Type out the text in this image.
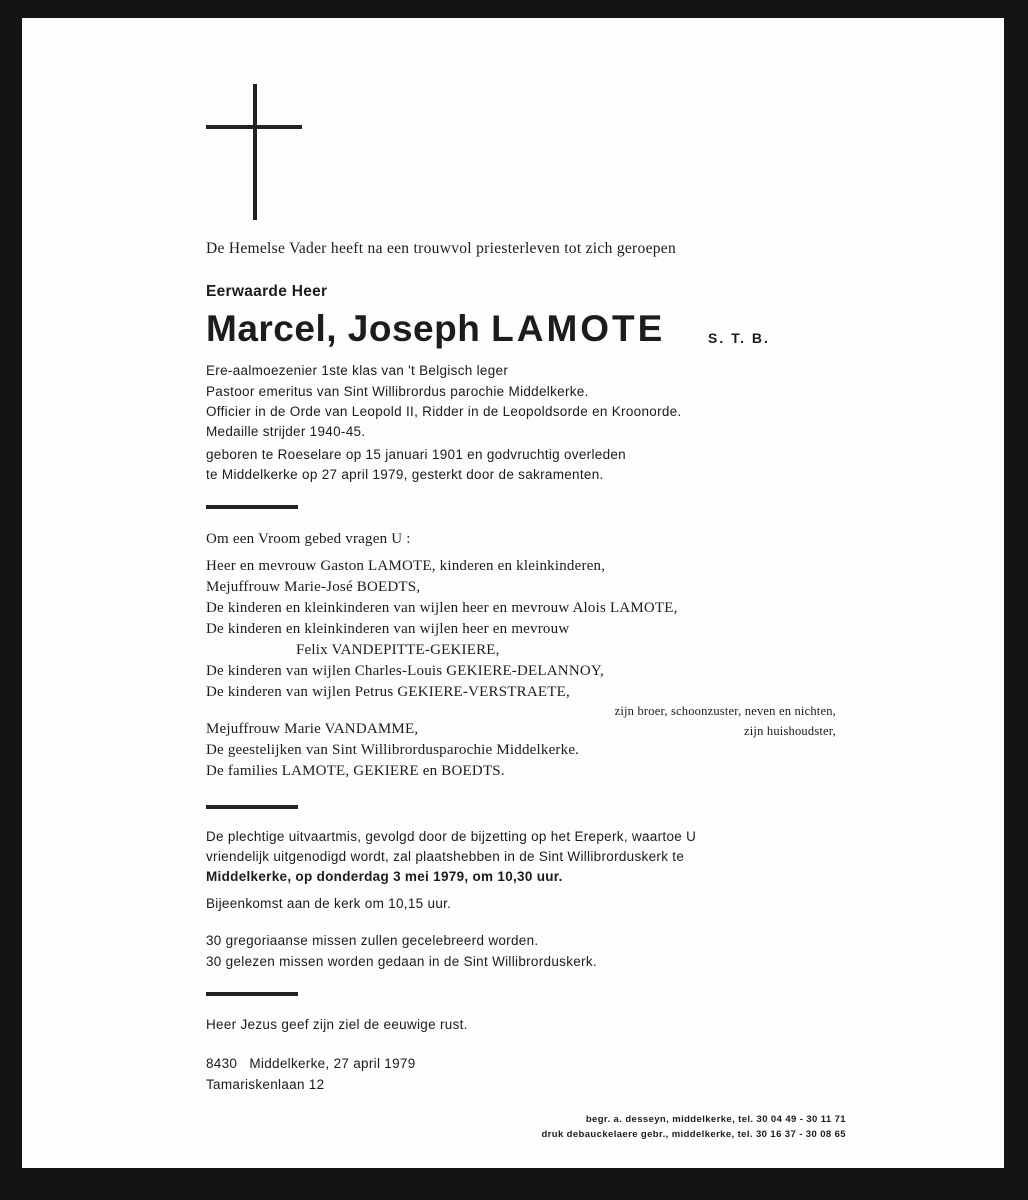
De Hemelse Vader heeft na een trouwvol priesterleven tot zich geroepen
Eerwaarde Heer
Marcel, Joseph LAMOTE	S. T. B.
Ere-aalmoezenier 1ste klas van 't Belgisch leger
Pastoor emeritus van Sint Willibrordus parochie Middelkerke.
Officier in de Orde van Leopold II, Ridder in de Leopoldsorde en Kroonorde.
Medaille strijder 1940-45.
geboren te Roeselare op 15 januari 1901 en godvruchtig overleden
te Middelkerke op 27 april 1979, gesterkt door de sakramenten.
Om een Vroom gebed vragen U :
Heer en mevrouw Gaston LAMOTE, kinderen en kleinkinderen,
Mejuffrouw Marie-José BOEDTS,
De kinderen en kleinkinderen van wijlen heer en mevrouw Alois LAMOTE,
De kinderen en kleinkinderen van wijlen heer en mevrouw
Felix VANDEPITTE-GEKIERE,
De kinderen van wijlen Charles-Louis GEKIERE-DELANNOY,
De kinderen van wijlen Petrus GEKIERE-VERSTRAETE,
zijn broer, schoonzuster, neven en nichten,
Mejuffrouw Marie VANDAMME,	zijn huishoudster,
De geestelijken van Sint Willibrordusparochie Middelkerke.
De families LAMOTE, GEKIERE en BOEDTS.
De plechtige uitvaartmis, gevolgd door de bijzetting op het Ereperk, waartoe U
vriendelijk uitgenodigd wordt, zal plaatshebben in de Sint Willibrorduskerk te
Middelkerke, op donderdag 3 mei 1979, om 10,30 uur.
Bijeenkomst aan de kerk om 10,15 uur.
30 gregoriaanse missen zullen gecelebreerd worden.
30 gelezen missen worden gedaan in de Sint Willibrorduskerk.
Heer Jezus geef zijn ziel de eeuwige rust.
8430   Middelkerke, 27 april 1979
Tamariskenlaan 12
begr. a. desseyn, middelkerke, tel. 30 04 49 - 30 11 71
druk debauckelaere gebr., middelkerke, tel. 30 16 37 - 30 08 65
